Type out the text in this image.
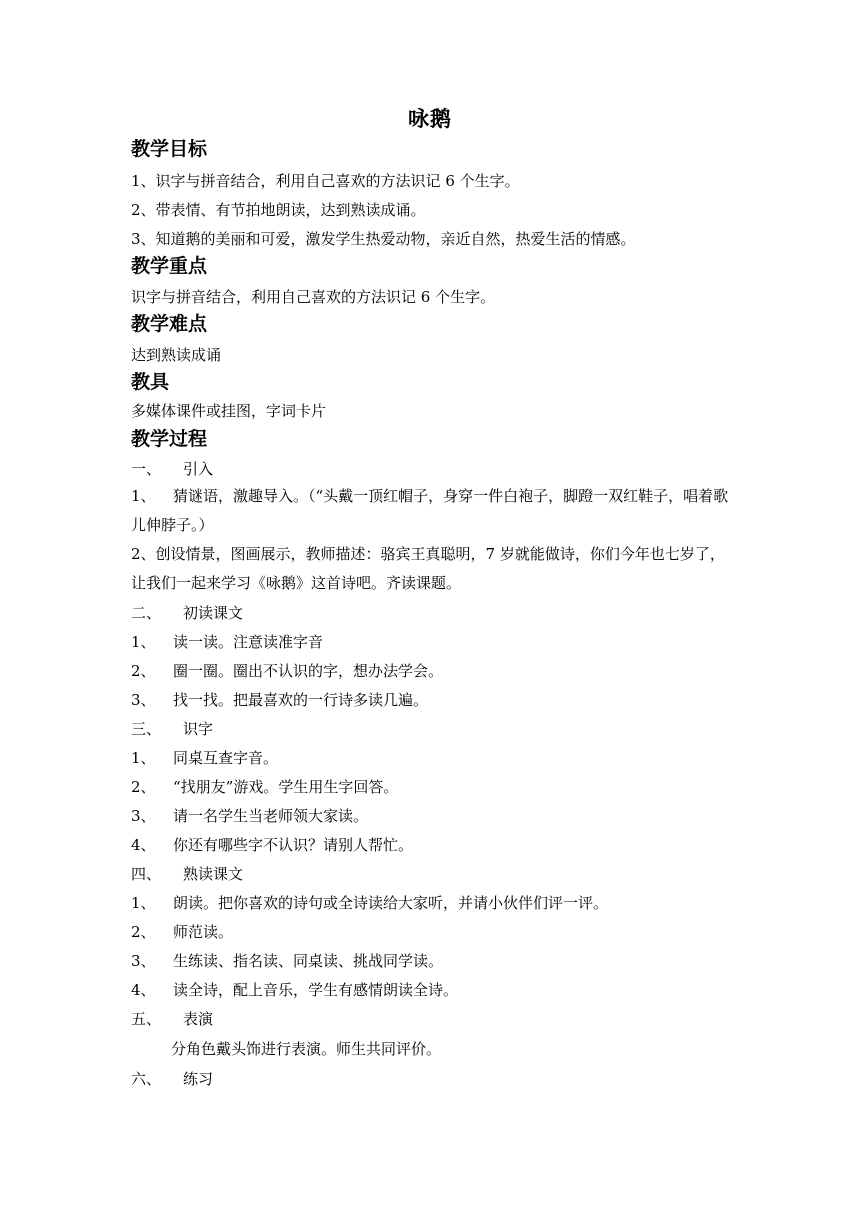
咏鹅
教学目标
1、识字与拼音结合，利用自己喜欢的方法识记 6 个生字。
2、带表情、有节拍地朗读，达到熟读成诵。
3、知道鹅的美丽和可爱，激发学生热爱动物，亲近自然，热爱生活的情感。
教学重点
识字与拼音结合，利用自己喜欢的方法识记 6 个生字。
教学难点
达到熟读成诵
教具
多媒体课件或挂图，字词卡片
教学过程
一、 引入
1、 猜谜语，激趣导入。（“头戴一顶红帽子，身穿一件白袍子，脚蹬一双红鞋子，唱着歌儿伸脖子。）
2、创设情景，图画展示，教师描述：骆宾王真聪明，7 岁就能做诗，你们今年也七岁了，让我们一起来学习《咏鹅》这首诗吧。齐读课题。
二、 初读课文
1、 读一读。注意读准字音
2、 圈一圈。圈出不认识的字，想办法学会。
3、 找一找。把最喜欢的一行诗多读几遍。
三、 识字
1、 同桌互查字音。
2、 “找朋友”游戏。学生用生字回答。
3、 请一名学生当老师领大家读。
4、 你还有哪些字不认识？请别人帮忙。
四、 熟读课文
1、 朗读。把你喜欢的诗句或全诗读给大家听，并请小伙伴们评一评。
2、 师范读。
3、 生练读、指名读、同桌读、挑战同学读。
4、 读全诗，配上音乐，学生有感情朗读全诗。
五、 表演
分角色戴头饰进行表演。师生共同评价。
六、 练习
